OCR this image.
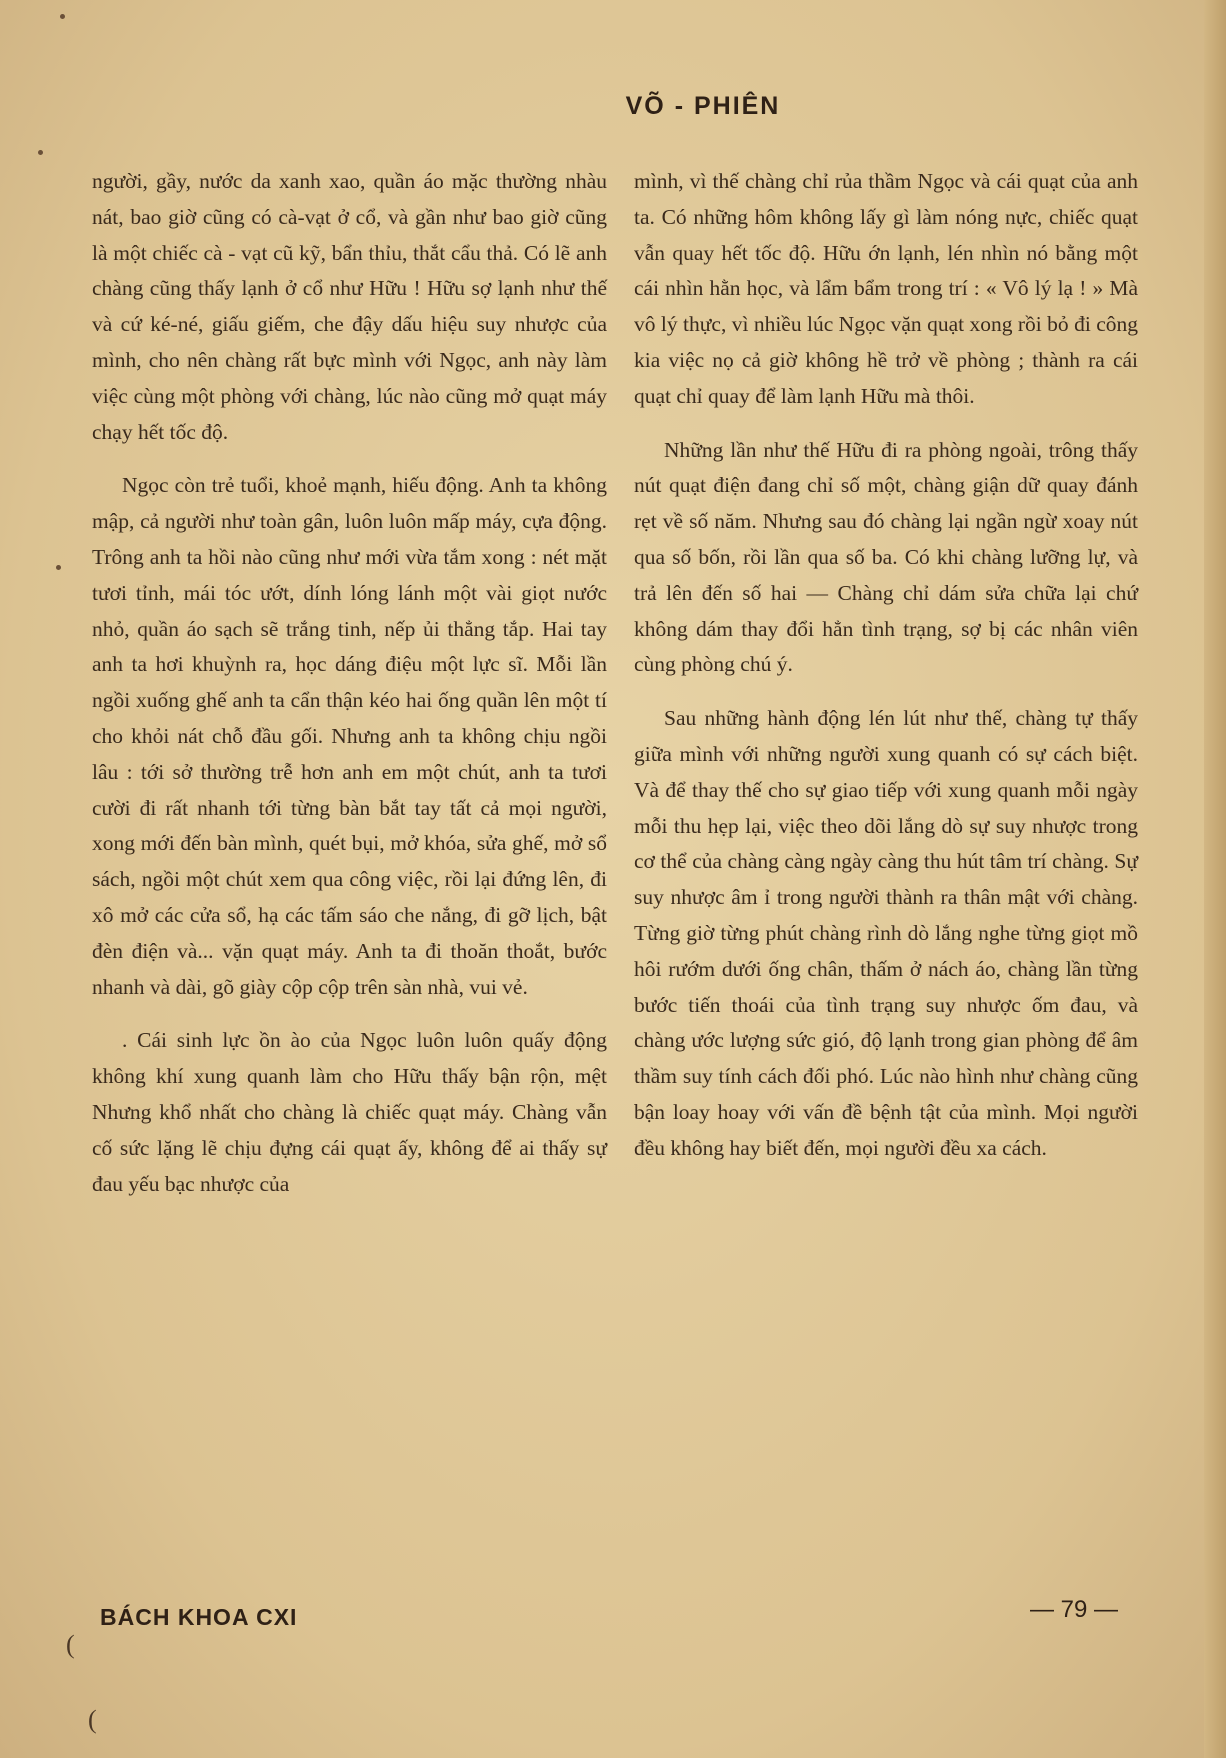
VÕ - PHIÊN

người, gầy, nước da xanh xao, quần áo mặc thường nhàu nát, bao giờ cũng có cà-vạt ở cổ, và gần như bao giờ cũng là một chiếc cà - vạt cũ kỹ, bẩn thỉu, thắt cẩu thả. Có lẽ anh chàng cũng thấy lạnh ở cổ như Hữu ! Hữu sợ lạnh như thế và cứ ké-né, giấu giếm, che đậy dấu hiệu suy nhược của mình, cho nên chàng rất bực mình với Ngọc, anh này làm việc cùng một phòng với chàng, lúc nào cũng mở quạt máy chạy hết tốc độ.

Ngọc còn trẻ tuổi, khoẻ mạnh, hiếu động. Anh ta không mập, cả người như toàn gân, luôn luôn mấp máy, cựa động. Trông anh ta hồi nào cũng như mới vừa tắm xong : nét mặt tươi tỉnh, mái tóc ướt, dính lóng lánh một vài giọt nước nhỏ, quần áo sạch sẽ trắng tinh, nếp ủi thẳng tắp. Hai tay anh ta hơi khuỳnh ra, học dáng điệu một lực sĩ. Mỗi lần ngồi xuống ghế anh ta cẩn thận kéo hai ống quần lên một tí cho khỏi nát chỗ đầu gối. Nhưng anh ta không chịu ngồi lâu : tới sở thường trễ hơn anh em một chút, anh ta tươi cười đi rất nhanh tới từng bàn bắt tay tất cả mọi người, xong mới đến bàn mình, quét bụi, mở khóa, sửa ghế, mở sổ sách, ngồi một chút xem qua công việc, rồi lại đứng lên, đi xô mở các cửa sổ, hạ các tấm sáo che nắng, đi gỡ lịch, bật đèn điện và... vặn quạt máy. Anh ta đi thoăn thoắt, bước nhanh và dài, gõ giày cộp cộp trên sàn nhà, vui vẻ.

. Cái sinh lực ồn ào của Ngọc luôn luôn quấy động không khí xung quanh làm cho Hữu thấy bận rộn, mệt Nhưng khổ nhất cho chàng là chiếc quạt máy. Chàng vẫn cố sức lặng lẽ chịu đựng cái quạt ấy, không để ai thấy sự đau yếu bạc nhược của

mình, vì thế chàng chỉ rủa thầm Ngọc và cái quạt của anh ta. Có những hôm không lấy gì làm nóng nực, chiếc quạt vẫn quay hết tốc độ. Hữu ớn lạnh, lén nhìn nó bằng một cái nhìn hằn học, và lẩm bẩm trong trí : « Vô lý lạ ! » Mà vô lý thực, vì nhiều lúc Ngọc vặn quạt xong rồi bỏ đi công kia việc nọ cả giờ không hề trở về phòng ; thành ra cái quạt chỉ quay để làm lạnh Hữu mà thôi.

Những lần như thế Hữu đi ra phòng ngoài, trông thấy nút quạt điện đang chỉ số một, chàng giận dữ quay đánh rẹt về số năm. Nhưng sau đó chàng lại ngần ngừ xoay nút qua số bốn, rồi lần qua số ba. Có khi chàng lưỡng lự, và trả lên đến số hai — Chàng chỉ dám sửa chữa lại chứ không dám thay đổi hẳn tình trạng, sợ bị các nhân viên cùng phòng chú ý.

Sau những hành động lén lút như thế, chàng tự thấy giữa mình với những người xung quanh có sự cách biệt. Và để thay thế cho sự giao tiếp với xung quanh mỗi ngày mỗi thu hẹp lại, việc theo dõi lắng dò sự suy nhược trong cơ thể của chàng càng ngày càng thu hút tâm trí chàng. Sự suy nhược âm ỉ trong người thành ra thân mật với chàng. Từng giờ từng phút chàng rình dò lắng nghe từng giọt mồ hôi rướm dưới ống chân, thấm ở nách áo, chàng lần từng bước tiến thoái của tình trạng suy nhược ốm đau, và chàng ước lượng sức gió, độ lạnh trong gian phòng để âm thầm suy tính cách đối phó. Lúc nào hình như chàng cũng bận loay hoay với vấn đề bệnh tật của mình. Mọi người đều không hay biết đến, mọi người đều xa cách.

BÁCH KHOA CXI	— 79 —
(
(
